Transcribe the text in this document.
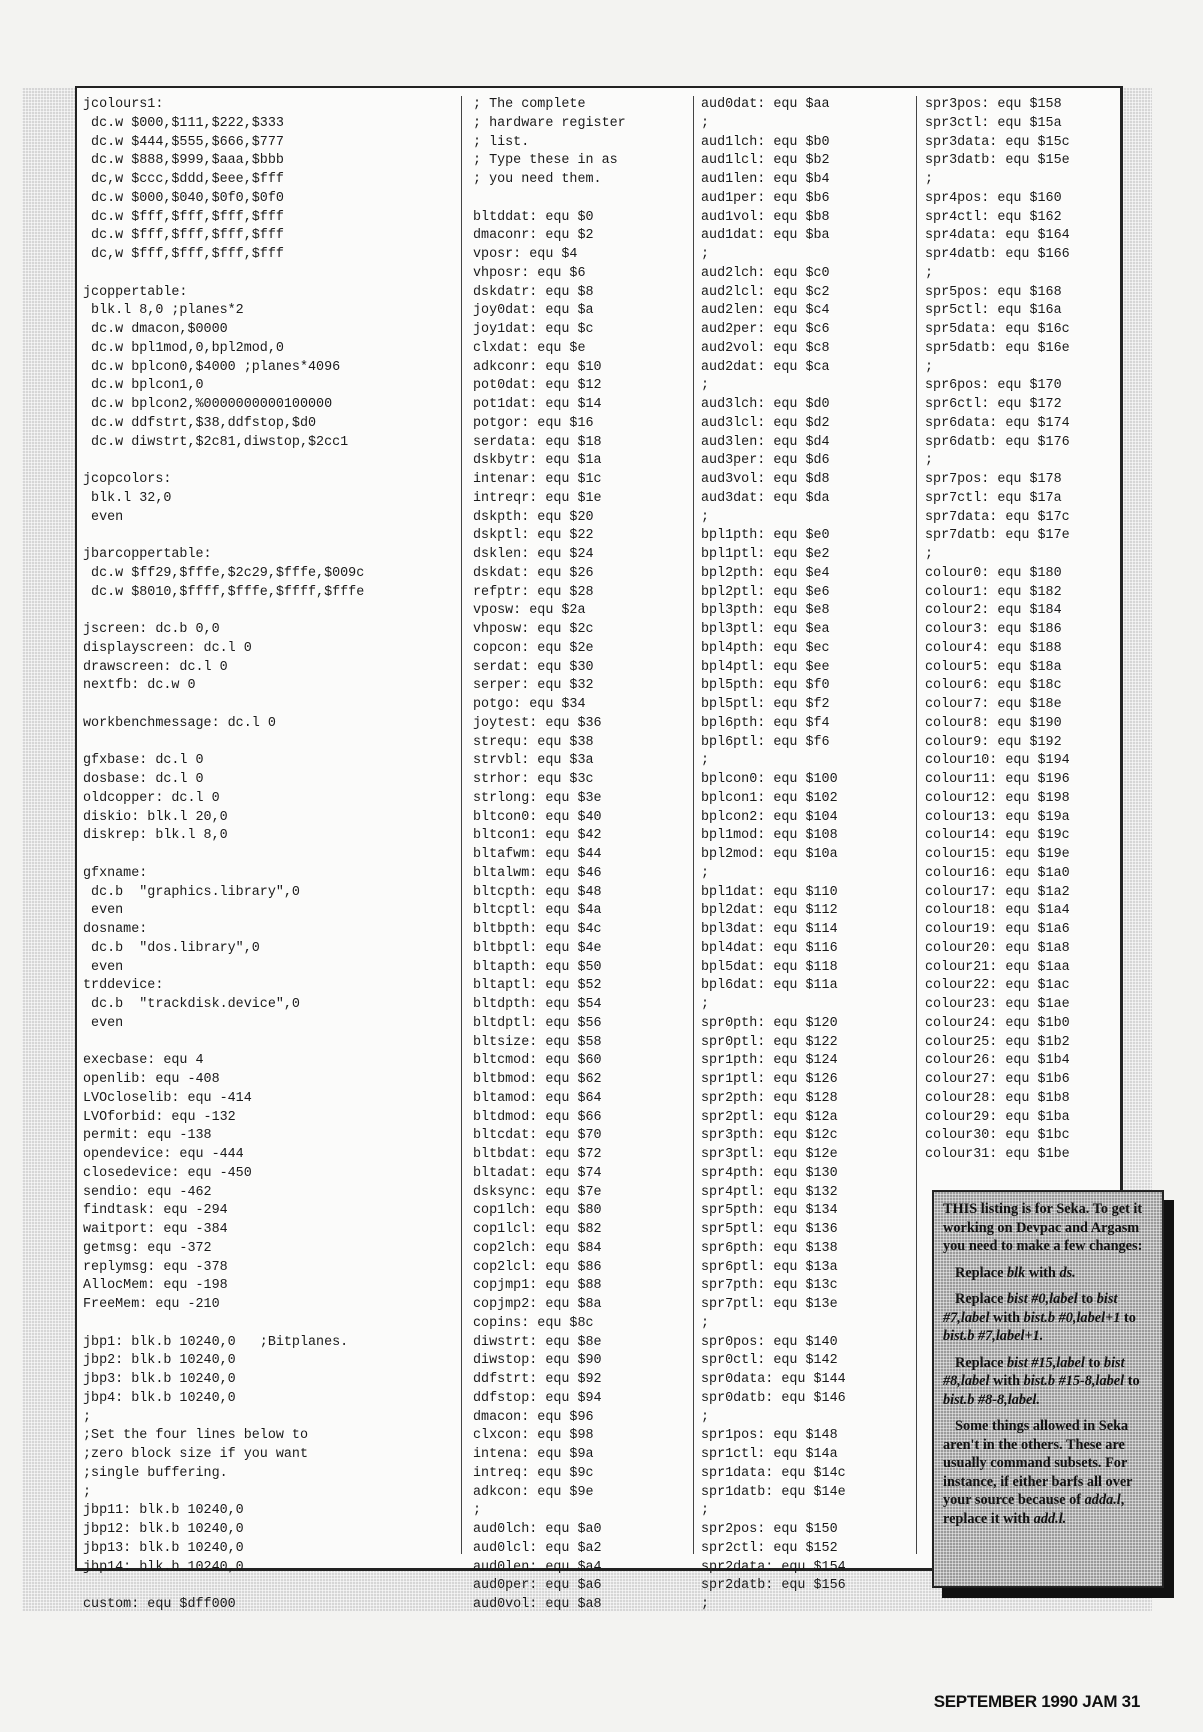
jcolours1:
dc.w $000,$111,$222,$333
dc.w $444,$555,$666,$777
dc.w $888,$999,$aaa,$bbb
dc,w $ccc,$ddd,$eee,$fff
dc.w $000,$040,$0f0,$0f0
dc.w $fff,$fff,$fff,$fff
dc.w $fff,$fff,$fff,$fff
dc,w $fff,$fff,$fff,$fff
jcoppertable:
blk.l 8,0 ;planes*2
dc.w dmacon,$0000
dc.w bpl1mod,0,bpl2mod,0
dc.w bplcon0,$4000 ;planes*4096
dc.w bplcon1,0
dc.w bplcon2,%0000000000100000
dc.w ddfstrt,$38,ddfstop,$d0
dc.w diwstrt,$2c81,diwstop,$2cc1
jcopcolors:
blk.l 32,0
even
jbarcoppertable:
dc.w $ff29,$fffe,$2c29,$fffe,$009c
dc.w $8010,$ffff,$fffe,$ffff,$fffe
jscreen: dc.b 0,0
displayscreen: dc.l 0
drawscreen: dc.l 0
nextfb: dc.w 0
workbenchmessage: dc.l 0
gfxbase: dc.l 0
dosbase: dc.l 0
oldcopper: dc.l 0
diskio: blk.l 20,0
diskrep: blk.l 8,0
gfxname:
dc.b  "graphics.library",0
even
dosname:
dc.b  "dos.library",0
even
trddevice:
dc.b  "trackdisk.device",0
even
execbase: equ 4
openlib: equ -408
LVOcloselib: equ -414
LVOforbid: equ -132
permit: equ -138
opendevice: equ -444
closedevice: equ -450
sendio: equ -462
findtask: equ -294
waitport: equ -384
getmsg: equ -372
replymsg: equ -378
AllocMem: equ -198
FreeMem: equ -210
jbp1: blk.b 10240,0   ;Bitplanes.
jbp2: blk.b 10240,0
jbp3: blk.b 10240,0
jbp4: blk.b 10240,0
;
;Set the four lines below to
;zero block size if you want
;single buffering.
;
jbp11: blk.b 10240,0
jbp12: blk.b 10240,0
jbp13: blk.b 10240,0
jbp14: blk.b 10240,0
custom: equ $dff000
; The complete
; hardware register
; list.
; Type these in as
; you need them.
bltddat: equ $0
dmaconr: equ $2
vposr: equ $4
vhposr: equ $6
dskdatr: equ $8
joy0dat: equ $a
joy1dat: equ $c
clxdat: equ $e
adkconr: equ $10
pot0dat: equ $12
pot1dat: equ $14
potgor: equ $16
serdata: equ $18
dskbytr: equ $1a
intenar: equ $1c
intreqr: equ $1e
dskpth: equ $20
dskptl: equ $22
dsklen: equ $24
dskdat: equ $26
refptr: equ $28
vposw: equ $2a
vhposw: equ $2c
copcon: equ $2e
serdat: equ $30
serper: equ $32
potgo: equ $34
joytest: equ $36
strequ: equ $38
strvbl: equ $3a
strhor: equ $3c
strlong: equ $3e
bltcon0: equ $40
bltcon1: equ $42
bltafwm: equ $44
bltalwm: equ $46
bltcpth: equ $48
bltcptl: equ $4a
bltbpth: equ $4c
bltbptl: equ $4e
bltapth: equ $50
bltaptl: equ $52
bltdpth: equ $54
bltdptl: equ $56
bltsize: equ $58
bltcmod: equ $60
bltbmod: equ $62
bltamod: equ $64
bltdmod: equ $66
bltcdat: equ $70
bltbdat: equ $72
bltadat: equ $74
dsksync: equ $7e
cop1lch: equ $80
cop1lcl: equ $82
cop2lch: equ $84
cop2lcl: equ $86
copjmp1: equ $88
copjmp2: equ $8a
copins: equ $8c
diwstrt: equ $8e
diwstop: equ $90
ddfstrt: equ $92
ddfstop: equ $94
dmacon: equ $96
clxcon: equ $98
intena: equ $9a
intreq: equ $9c
adkcon: equ $9e
;
aud0lch: equ $a0
aud0lcl: equ $a2
aud0len: equ $a4
aud0per: equ $a6
aud0vol: equ $a8
aud0dat: equ $aa
;
aud1lch: equ $b0
aud1lcl: equ $b2
aud1len: equ $b4
aud1per: equ $b6
aud1vol: equ $b8
aud1dat: equ $ba
;
aud2lch: equ $c0
aud2lcl: equ $c2
aud2len: equ $c4
aud2per: equ $c6
aud2vol: equ $c8
aud2dat: equ $ca
;
aud3lch: equ $d0
aud3lcl: equ $d2
aud3len: equ $d4
aud3per: equ $d6
aud3vol: equ $d8
aud3dat: equ $da
;
bpl1pth: equ $e0
bpl1ptl: equ $e2
bpl2pth: equ $e4
bpl2ptl: equ $e6
bpl3pth: equ $e8
bpl3ptl: equ $ea
bpl4pth: equ $ec
bpl4ptl: equ $ee
bpl5pth: equ $f0
bpl5ptl: equ $f2
bpl6pth: equ $f4
bpl6ptl: equ $f6
;
bplcon0: equ $100
bplcon1: equ $102
bplcon2: equ $104
bpl1mod: equ $108
bpl2mod: equ $10a
;
bpl1dat: equ $110
bpl2dat: equ $112
bpl3dat: equ $114
bpl4dat: equ $116
bpl5dat: equ $118
bpl6dat: equ $11a
;
spr0pth: equ $120
spr0ptl: equ $122
spr1pth: equ $124
spr1ptl: equ $126
spr2pth: equ $128
spr2ptl: equ $12a
spr3pth: equ $12c
spr3ptl: equ $12e
spr4pth: equ $130
spr4ptl: equ $132
spr5pth: equ $134
spr5ptl: equ $136
spr6pth: equ $138
spr6ptl: equ $13a
spr7pth: equ $13c
spr7ptl: equ $13e
;
spr0pos: equ $140
spr0ctl: equ $142
spr0data: equ $144
spr0datb: equ $146
;
spr1pos: equ $148
spr1ctl: equ $14a
spr1data: equ $14c
spr1datb: equ $14e
;
spr2pos: equ $150
spr2ctl: equ $152
spr2data: equ $154
spr2datb: equ $156
;
spr3pos: equ $158
spr3ctl: equ $15a
spr3data: equ $15c
spr3datb: equ $15e
;
spr4pos: equ $160
spr4ctl: equ $162
spr4data: equ $164
spr4datb: equ $166
;
spr5pos: equ $168
spr5ctl: equ $16a
spr5data: equ $16c
spr5datb: equ $16e
;
spr6pos: equ $170
spr6ctl: equ $172
spr6data: equ $174
spr6datb: equ $176
;
spr7pos: equ $178
spr7ctl: equ $17a
spr7data: equ $17c
spr7datb: equ $17e
;
colour0: equ $180
colour1: equ $182
colour2: equ $184
colour3: equ $186
colour4: equ $188
colour5: equ $18a
colour6: equ $18c
colour7: equ $18e
colour8: equ $190
colour9: equ $192
colour10: equ $194
colour11: equ $196
colour12: equ $198
colour13: equ $19a
colour14: equ $19c
colour15: equ $19e
colour16: equ $1a0
colour17: equ $1a2
colour18: equ $1a4
colour19: equ $1a6
colour20: equ $1a8
colour21: equ $1aa
colour22: equ $1ac
colour23: equ $1ae
colour24: equ $1b0
colour25: equ $1b2
colour26: equ $1b4
colour27: equ $1b6
colour28: equ $1b8
colour29: equ $1ba
colour30: equ $1bc
colour31: equ $1be

THIS listing is for Seka. To get it working on Devpac and Argasm you need to make a few changes:

Replace blk with ds.

Replace bist #0,label to bist #7,label with bist.b #0,label+1 to bist.b #7,label+1.

Replace bist #15,label to bist #8,label with bist.b #15-8,label to bist.b #8-8,label.

Some things allowed in Seka aren't in the others. These are usually command subsets. For instance, if either barfs all over your source because of adda.l, replace it with add.l.

SEPTEMBER 1990 JAM 31
